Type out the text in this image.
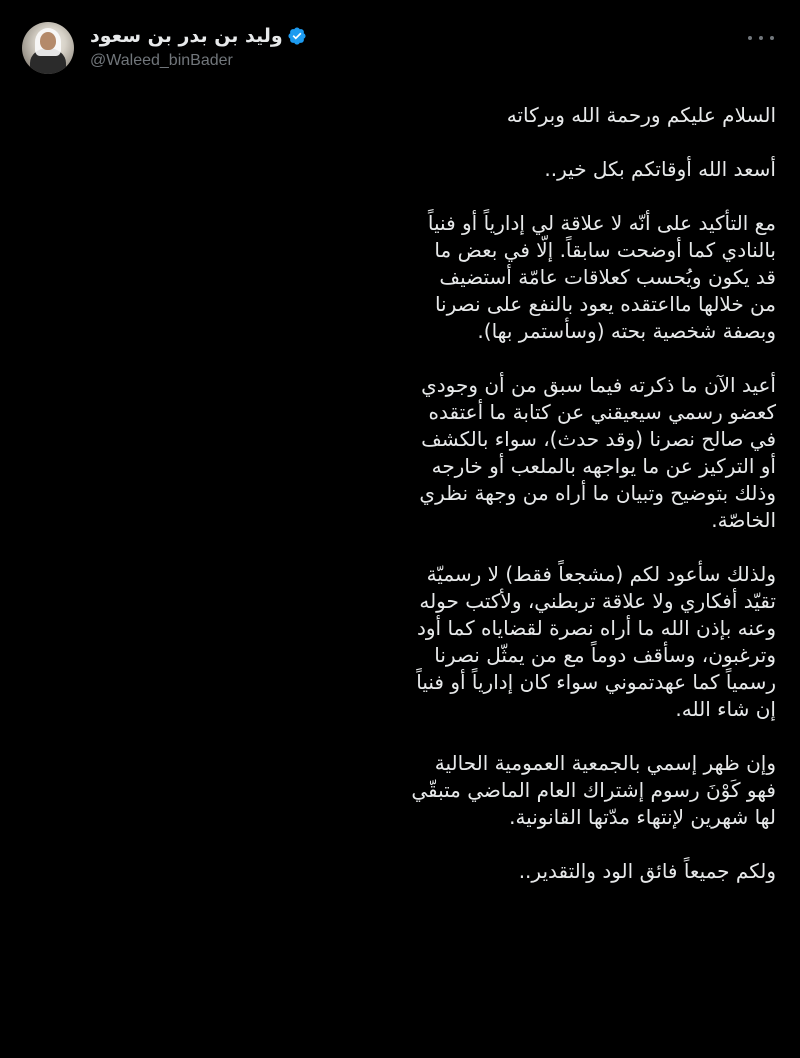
وليد بن بدر بن سعود
@Waleed_binBader
السلام عليكم ورحمة الله وبركاته
أسعد الله أوقاتكم بكل خير..
مع التأكيد على أنّه لا علاقة لي إدارياً أو فنياً
بالنادي كما أوضحت سابقاً. إلّا في بعض ما
قد يكون ويُحسب كعلاقات عامّة أستضيف
من خلالها مااعتقده يعود بالنفع على نصرنا
وبصفة شخصية بحته (وسأستمر بها).
أعيد الآن ما ذكرته فيما سبق من أن وجودي
كعضو رسمي سيعيقني عن كتابة ما أعتقده
في صالح نصرنا (وقد حدث)، سواء بالكشف
أو التركيز عن ما يواجهه بالملعب أو خارجه
وذلك بتوضيح وتبيان ما أراه من وجهة نظري
الخاصّة.
ولذلك سأعود لكم (مشجعاً فقط) لا رسميّة
تقيّد أفكاري ولا علاقة تربطني، ولأكتب حوله
وعنه بإذن الله ما أراه نصرة لقضاياه كما أود
وترغبون، وسأقف دوماً مع من يمثّل نصرنا
رسمياً كما عهدتموني سواء كان إدارياً أو فنياً
إن شاء الله.
وإن ظهر إسمي بالجمعية العمومية الحالية
فهو كَوْنَ رسوم إشتراك العام الماضي متبقّي
لها شهرين لإنتهاء مدّتها القانونية.
ولكم جميعاً فائق الود والتقدير..
